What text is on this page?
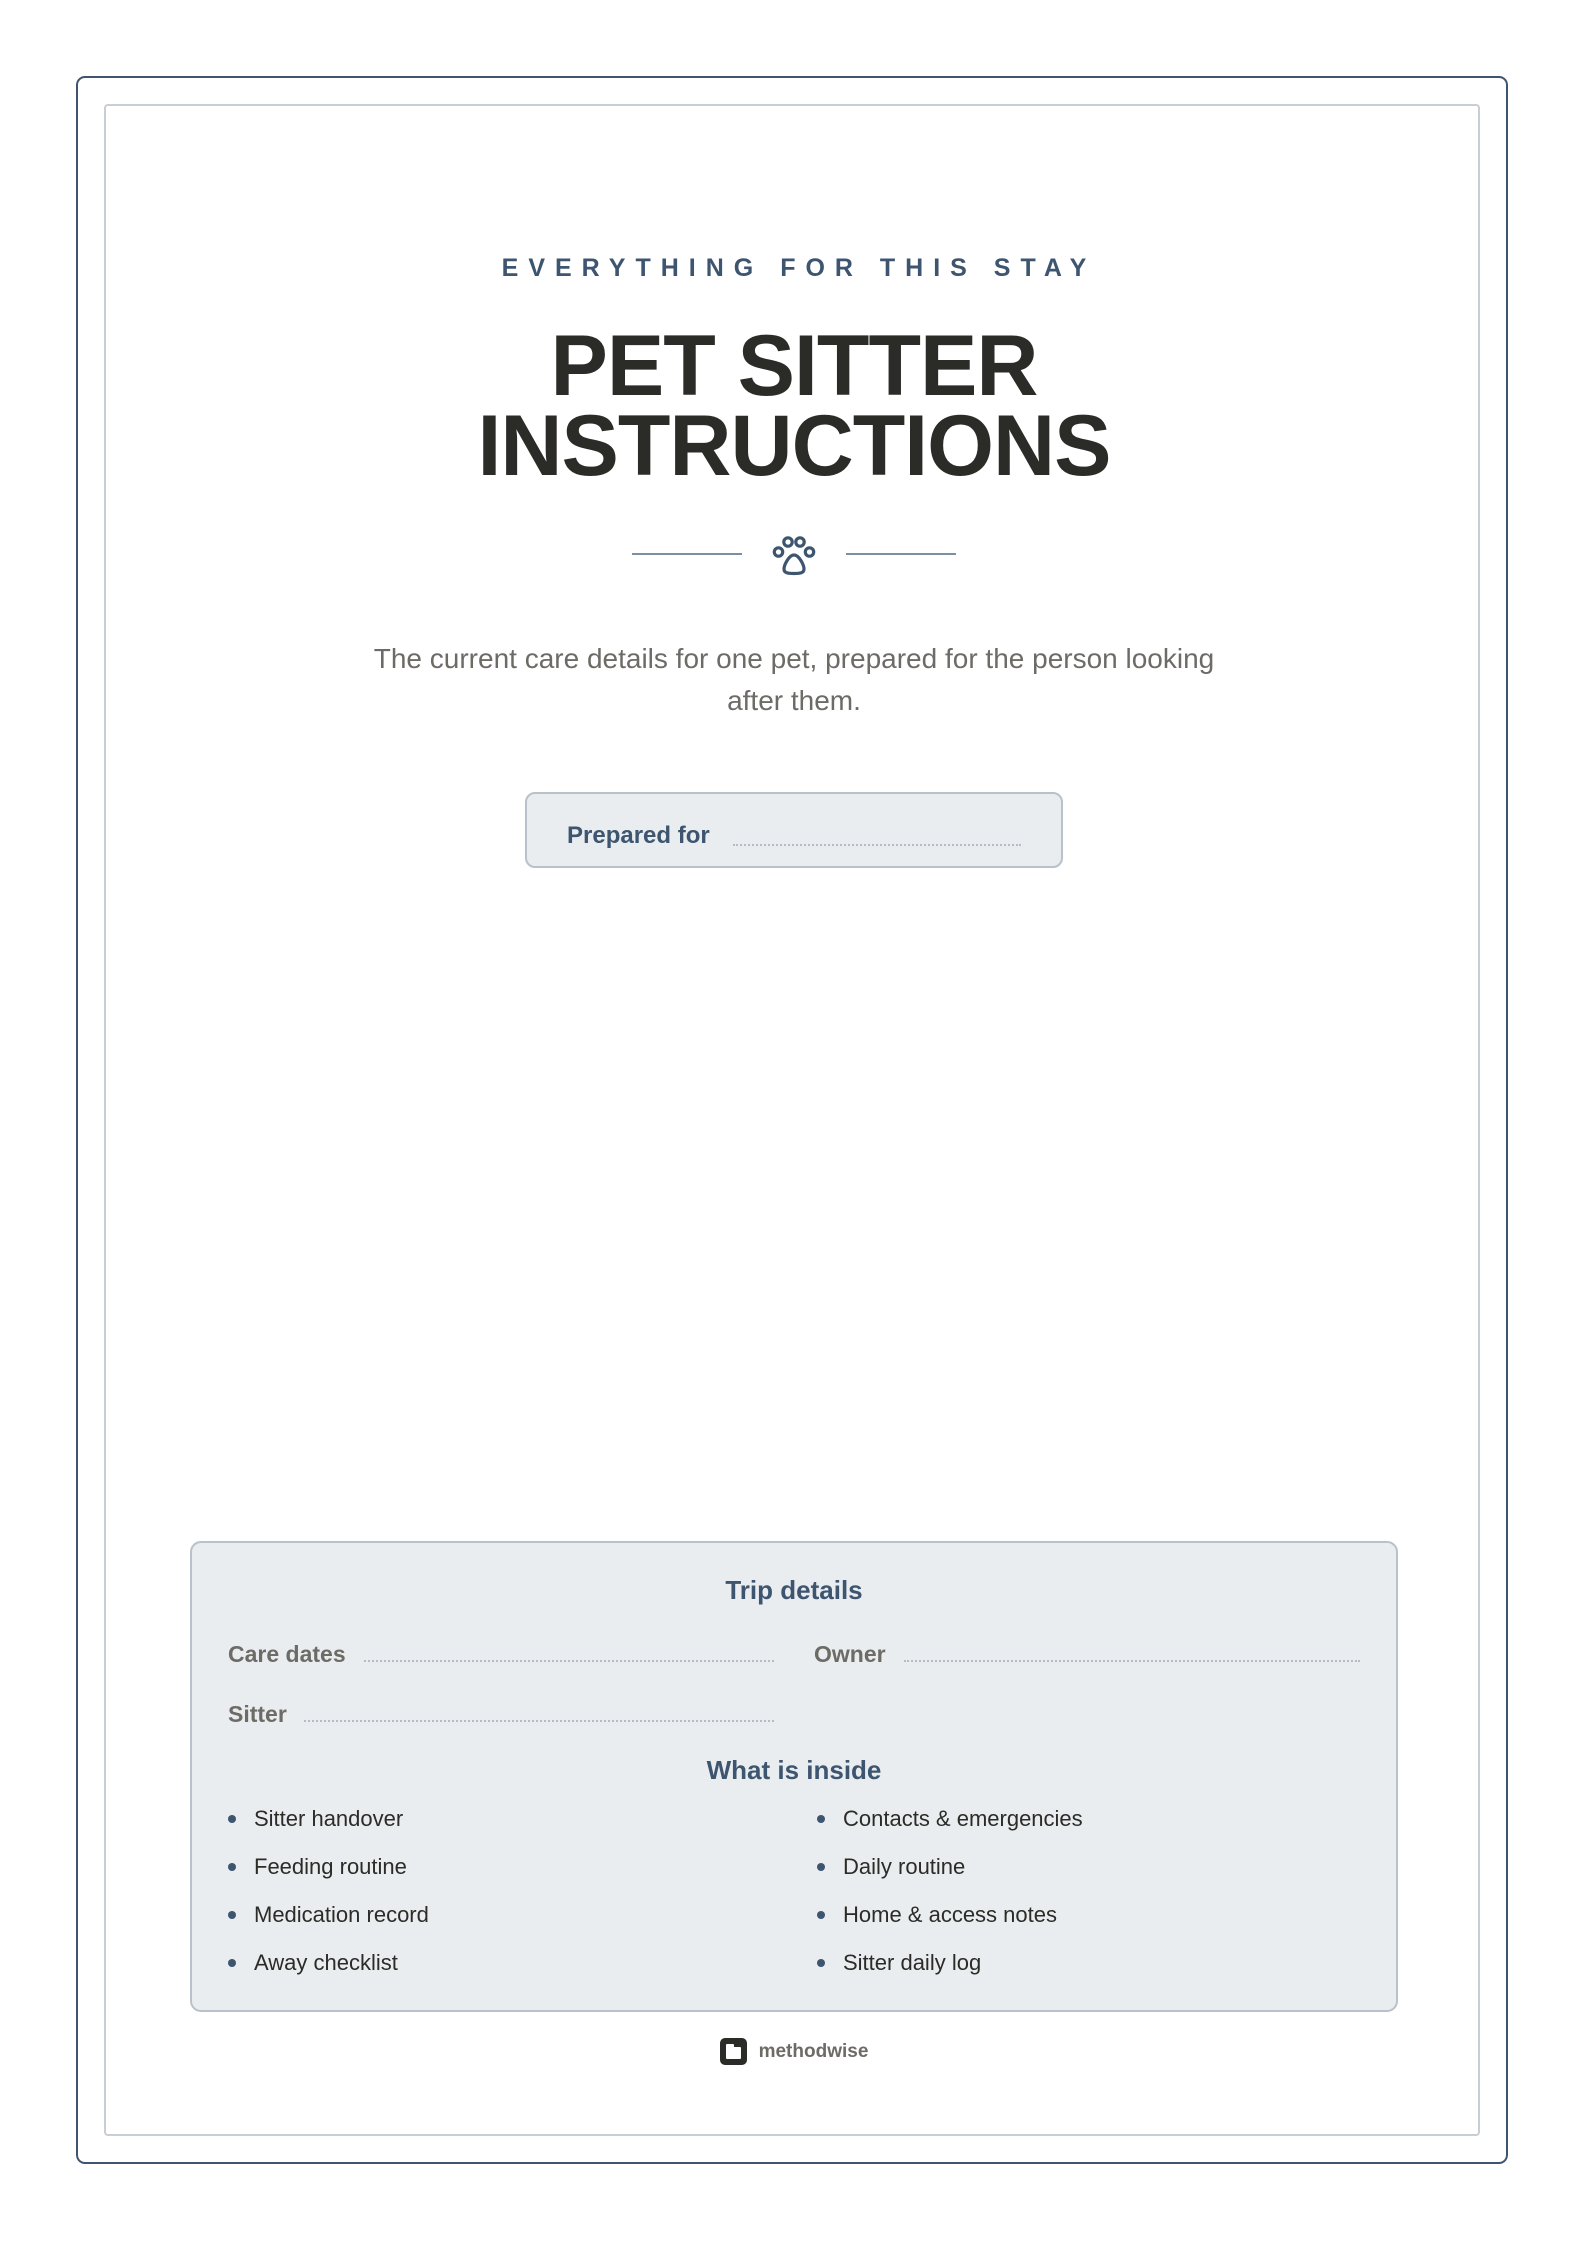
EVERYTHING FOR THIS STAY
PET SITTER
INSTRUCTIONS

The current care details for one pet, prepared for the person looking after them.

Prepared for
Trip details
Care dates	Owner
Sitter
What is inside
Sitter handover
Feeding routine
Medication record
Away checklist
Contacts & emergencies
Daily routine
Home & access notes
Sitter daily log
methodwise
